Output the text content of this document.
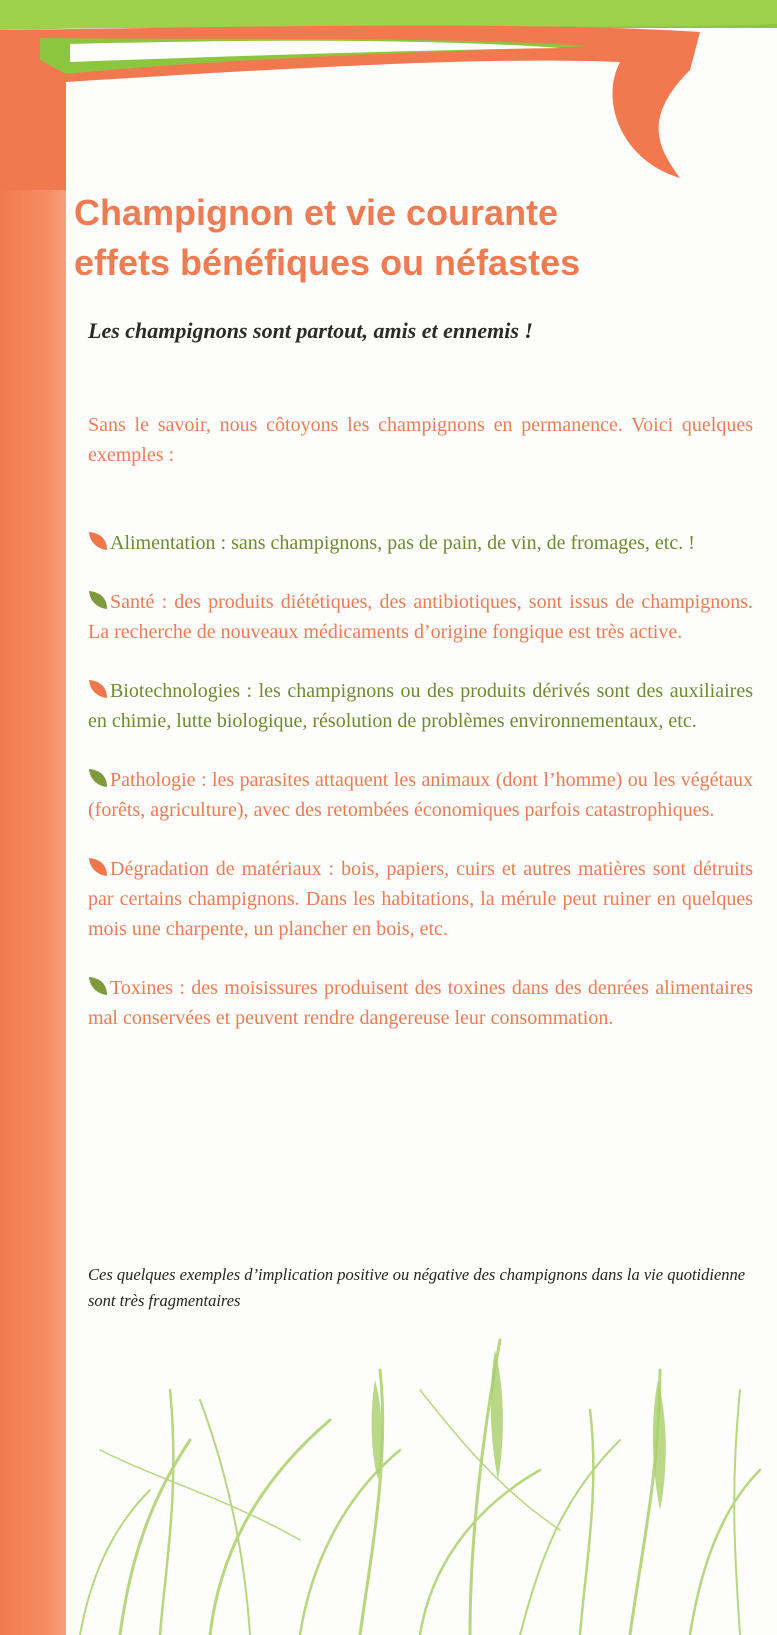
Champignon et vie courante
effets bénéfiques ou néfastes

Les champignons sont partout, amis et ennemis !

Sans le savoir, nous côtoyons les champignons en permanence. Voici quelques exemples :

Alimentation : sans champignons, pas de pain, de vin, de fromages, etc. !
Santé : des produits diététiques, des antibiotiques, sont issus de champignons. La recherche de nouveaux médicaments d’origine fongique est très active.
Biotechnologies : les champignons ou des produits dérivés sont des auxiliaires en chimie, lutte biologique, résolution de problèmes environnementaux, etc.
Pathologie : les parasites attaquent les animaux (dont l’homme) ou les végétaux (forêts, agriculture), avec des retombées économiques parfois catastrophiques.
Dégradation de matériaux : bois, papiers, cuirs et autres matières sont détruits par certains champignons. Dans les habitations, la mérule peut ruiner en quelques mois une charpente, un plancher en bois, etc.
Toxines : des moisissures produisent des toxines dans des denrées alimentaires mal conservées et peuvent rendre dangereuse leur consommation.

Ces quelques exemples d’implication positive ou négative des champignons dans la vie quotidienne sont très fragmentaires
